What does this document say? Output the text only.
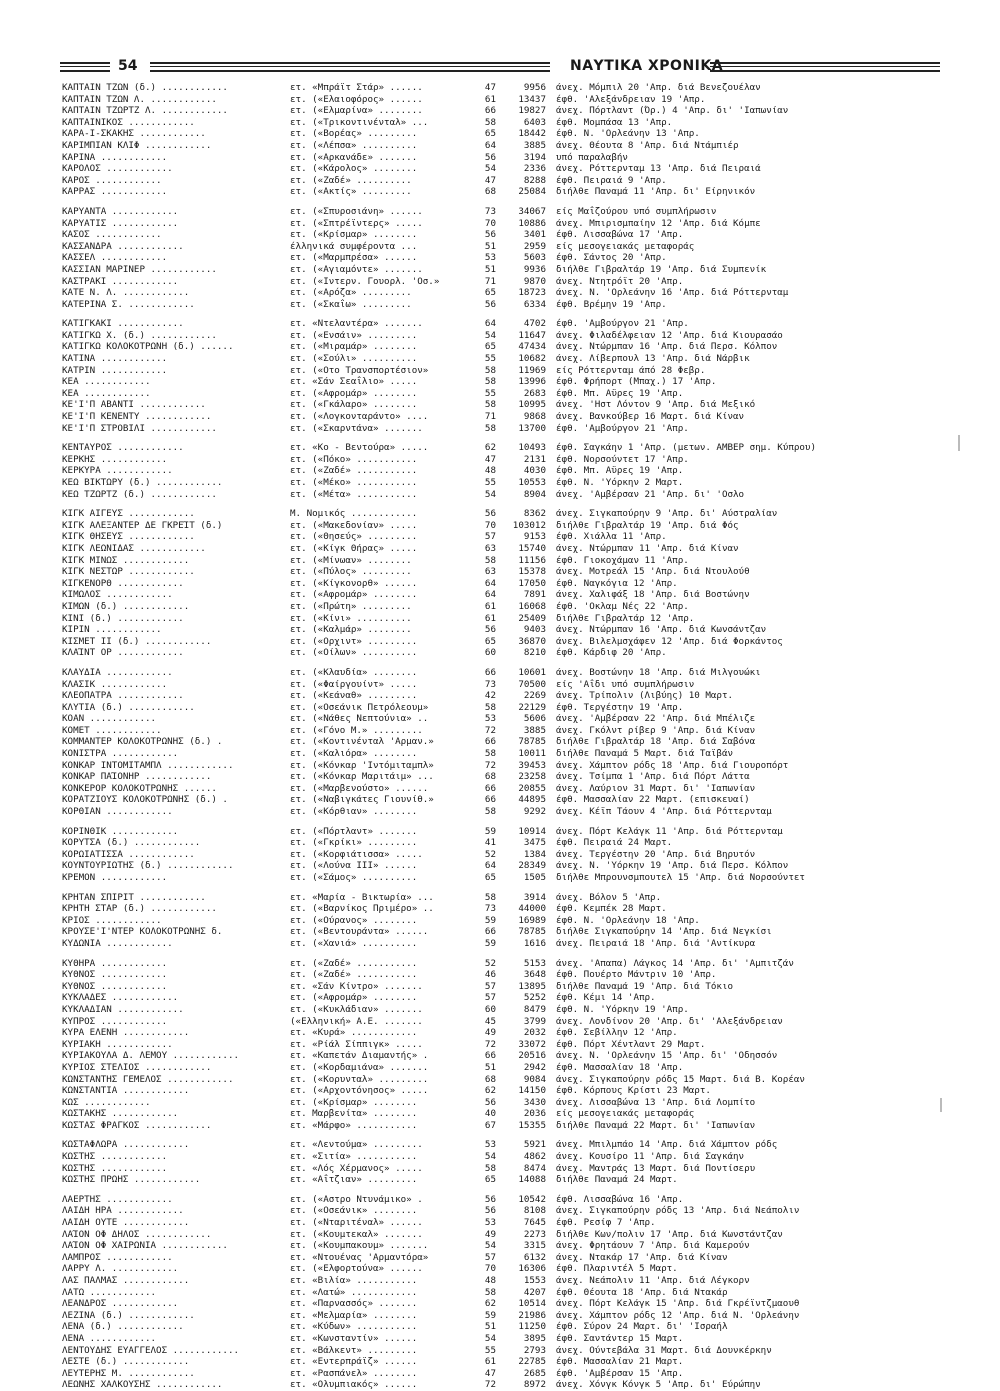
54	ΝΑΥΤΙΚΑ ΧΡΟΝΙΚΑ
ΚΑΠΤΑΙΝ ΤΖΩΝ (δ.) ............	ετ. «Μπράϊτ Στάρ» ......	47	9956 άνεχ. Μόμπιλ 20 'Απρ. διά Βενεζουέλαν
ΚΑΠΤΑΙΝ ΤΖΩΝ Λ. ............	ετ. («Ελαιοφόρος» ......	61	13437 έφθ. 'Αλεξάνδρειαν 19 'Απρ.
ΚΑΠΤΑΙΝ ΤΖΩΡΤΖ Λ. ............	ετ. («Ελμαρίνα» ........	66	19827 άνεχ. Πόρτλαντ (Όρ.) 4 'Απρ. δι' 'Ιαπωνίαν
ΚΑΠΤΑΙΝΙΚΟΣ ............	ετ. («Τρικοντινένταλ» ...	58	6403 έφθ. Μομπάσα 13 'Απρ.
ΚΑΡΑ-Ι-ΣΚΑΚΗΣ ............	ετ. («Βορέας» .........	65	18442 έφθ. Ν. 'Ορλεάνην 13 'Απρ.
ΚΑΡΙΜΠΙΑΝ ΚΛΙΦ ............	ετ. («Λέπσα» ..........	64	3885 άνεχ. Θέουτα 8 'Απρ. διά Ντάμπιέρ
ΚΑΡΙΝΑ ............	ετ. («Αρκανάδε» .......	56	3194 υπό παραλαβήν
ΚΑΡΟΛΟΣ ............	ετ. («Κάρολος» ........	54	2336 άνεχ. Ρόττερνταμ 13 'Απρ. διά Πειραιά
ΚΑΡΟΣ ............	ετ. («Ζαδέ» ..........	47	8288 έφθ. Πειραιά 9 'Απρ.
ΚΑΡΡΑΣ ............	ετ. («Ακτίς» .........	68	25084 διήλθε Παναμά 11 'Απρ. δι' Είρηνικόν
ΚΑΡΥΑΝΤΑ ............	ετ. («Σπυροσιάνη» ......	73	34067 είς Μαΐζούρου υπό συμπλήρωσιν
ΚΑΡΥΑΤΙΣ ............	ετ. («Σπτρέϊντερς» .....	70	10886 άνεχ. Μπιρισμπαίην 12 'Απρ. διά Κόμπε
ΚΑΣΟΣ ............	ετ. («Κρίσμαρ» ........	56	3401 έφθ. Λισσαβώνα 17 'Απρ.
ΚΑΣΣΑΝΔΡΑ ............	έλληνικά συμφέροντα ...	51	2959 είς μεσογειακάς μεταφοράς
ΚΑΣΣΕΛ ............	ετ. («Μαρμπρέσα» ......	53	5603 έφθ. Σάντος 20 'Απρ.
ΚΑΣΣΙΑΝ ΜΑΡΙΝΕΡ ............	ετ. («Αγιαμόντε» .......	51	9936 διήλθε Γιβραλτάρ 19 'Απρ. διά Συμπενίκ
ΚΑΣΤΡΑΚΙ ............	ετ. («Ιντερν. Γουορλ. 'Οσ.»	71	9870 άνεχ. Ντητρόϊτ 20 'Απρ.
ΚΑΤΕ Ν. Λ. ............	ετ. («Αρόζα» .........	65	18723 άνεχ. Ν. 'Ορλεάνην 16 'Απρ. διά Ρόττερνταμ
ΚΑΤΕΡΙΝΑ Σ. ............	ετ. («Σκαΐω» .........	56	6334 έφθ. Βρέμην 19 'Απρ.
ΚΑΤΙΓΚΑΚΙ ............	ετ. «Ντελαντέρα» .......	64	4702 έφθ. 'Αμβούργον 21 'Απρ.
ΚΑΤΙΓΚΩ Χ. (δ.) ............	ετ. («Ενσάιν» .........	54	11647 άνεχ. Φιλαδέλφειαν 12 'Απρ. διά Κιουρασάο
ΚΑΤΙΓΚΩ ΚΟΛΟΚΟΤΡΩΝΗ (δ.) ......	ετ. («Μιραμάρ» ........	65	47434 άνεχ. Ντώρμπαν 16 'Απρ. διά Περσ. Κόλπον
ΚΑΤΙΝΑ ............	ετ. («Σούλι» ..........	55	10682 άνεχ. Λίβερπουλ 13 'Απρ. διά Νάρβικ
ΚΑΤΡΙΝ ............	ετ. («Οτο Τρανσπορτέσιον»	58	11969 είς Ρόττερνταμ άπό 28 Φεβρ.
ΚΕΑ ............	ετ. «Σάν Σεαΐλιο» .....	58	13996 έφθ. Φρήπορτ (Μπαχ.) 17 'Απρ.
ΚΕΑ ............	ετ. («Αφρομάρ» ........	55	2683 έφθ. Μπ. Αϋρες 19 'Απρ.
ΚΕ'Ι'Π ΑΒΑΝΤΙ ............	ετ. («Γκάλαρο» ........	58	10995 άνεχ. 'Ηστ Λόντον 9 'Απρ. διά Μεξικό
ΚΕ'Ι'Π ΚΕΝΕΝΤΥ ............	ετ. («Λογκονταράντο» ....	71	9868 άνεχ. Βανκούβερ 16 Μαρτ. διά Κίναν
ΚΕ'Ι'Π ΣΤΡΟΒΙΛΙ ............	ετ. («Σκαρντάνα» .......	58	13700 έφθ. 'Αμβούργον 21 'Απρ.
ΚΕΝΤΑΥΡΟΣ ............	ετ. «Κο - Βεντούρα» .....	62	10493 έφθ. Σαγκάην 1 'Απρ. (μετων. ΑΜΒΕΡ σημ. Κύπρου)
ΚΕΡΚΗΣ ............	ετ. («Πόκο» ...........	47	2131 έφθ. Νορσούντετ 17 'Απρ.
ΚΕΡΚΥΡΑ ............	ετ. («Ζαδέ» ...........	48	4030 έφθ. Μπ. Αϋρες 19 'Απρ.
ΚΕΩ ΒΙΚΤΩΡΥ (δ.) ............	ετ. («Μέκο» ...........	55	10553 έφθ. Ν. 'Υόρκην 2 Μαρτ.
ΚΕΩ ΤΖΩΡΤΖ (δ.) ............	ετ. («Μέτα» ...........	54	8904 άνεχ. 'Αμβέρσαν 21 'Απρ. δι' 'Οσλο
ΚΙΓΚ ΑΙΓΕΥΣ ............	Μ. Νομικός ............	56	8362 άνεχ. Σιγκαπούρην 9 'Απρ. δι' Αύστραλίαν
ΚΙΓΚ ΑΛΕΞΑΝΤΕΡ ΔΕ ΓΚΡΕΊΤ (δ.)	ετ. («Μακεδονίαν» .....	70	103012 διήλθε Γιβραλτάρ 19 'Απρ. διά Φός
ΚΙΓΚ ΘΗΣΕΥΣ ............	ετ. («Θησεύς» .........	57	9153 έφθ. Χιάλλα 11 'Απρ.
ΚΙΓΚ ΛΕΩΝΙΔΑΣ ............	ετ. («Κίγκ Θήρας» .....	63	15740 άνεχ. Ντώρμπαν 11 'Απρ. διά Κίναν
ΚΙΓΚ ΜΙΝΩΣ ............	ετ. («Μίνωαν» ........	58	11156 έφθ. Γιοκοχάμαν 11 'Απρ.
ΚΙΓΚ ΝΕΣΤΩΡ ............	ετ. («Πύλος» .........	63	15378 άνεχ. Μοτρεάλ 15 'Απρ. διά Ντουλούθ
ΚΙΓΚΕΝΟΡΘ ............	ετ. («Κίγκονορθ» ......	64	17050 έφθ. Ναγκόγια 12 'Απρ.
ΚΙΜΩΛΟΣ ............	ετ. («Αφρομάρ» ........	64	7891 άνεχ. Χαλιφάξ 18 'Απρ. διά Βοστώνην
ΚΙΜΩΝ (δ.) ............	ετ. («Πρώτη» .........	61	16068 έφθ. 'Οκλαμ Νές 22 'Απρ.
ΚΙΝΙ (δ.) ............	ετ. («Κίνι» ..........	61	25409 διήλθε Γιβραλτάρ 12 'Απρ.
ΚΙΡΙΝ ............	ετ. («Καλμάρ» ........	56	9403 άνεχ. Ντώρμπαν 16 'Απρ. διά Κωνσάντζαν
ΚΙΣΜΕΤ ΙΙ (δ.) ............	ετ. («Ορχιντ» .........	65	36870 άνεχ. Βιλελμσχάφεν 12 'Απρ. διά Φορκάντος
ΚΛΑΊΝΤ ΟΡ ............	ετ. («Οίλων» ..........	60	8210 έφθ. Κάρδιφ 20 'Απρ.
ΚΛΑΥΔΙΑ ............	ετ. («Κλαυδία» ........	66	10601 άνεχ. Βοστώνην 18 'Απρ. διά Μιλγουώκι
ΚΛΑΣΙΚ ............	ετ. («Φαίργουίντ» .....	73	70500 είς 'Αΐδι υπό συμπλήρωσιν
ΚΛΕΟΠΑΤΡΑ ............	ετ. («Κεάναθ» .........	42	2269 άνεχ. Τρίπολιν (Λιβύης) 10 Μαρτ.
ΚΛΥΤΙΑ (δ.) ............	ετ. («Οσεάνικ Πετρόλεουμ»	58	22129 έφθ. Τεργέστην 19 'Απρ.
ΚΟΑΝ ............	ετ. («Νάθες Νεπτούνια» ..	53	5606 άνεχ. 'Αμβέρσαν 22 'Απρ. διά Μπέλιζε
ΚΟΜΕΤ ............	ετ. («Γόνο Μ.» .........	72	3885 άνεχ. Γκόλντ ρίβερ 9 'Απρ. διά Κίναν
ΚΟΜΜΑΝΤΕΡ ΚΟΛΟΚΟΤΡΩΝΗΣ (δ.) .	ετ. («Κοντινένταλ 'Αρμαν.»	66	78785 διήλθε Γιβραλτάρ 18 'Απρ. διά Σαβόνα
ΚΟΝΙΣΤΡΑ ............	ετ. («Καλιόρα» ........	58	10011 διήλθε Παναμά 5 Μαρτ. διά Ταϊβάν
ΚΟΝΚΑΡ ΙΝΤΟΜΙΤΑΜΠΛ ............	ετ. («Κόνκαρ 'Ιντόμιταμπλ»	72	39453 άνεχ. Χάμπτον ρόδς 18 'Απρ. διά Γιουροπόρτ
ΚΟΝΚΑΡ ΠΑΊΟΝΗΡ ............	ετ. («Κόνκαρ Μαριτάιμ» ...	68	23258 άνεχ. Τσίμπα 1 'Απρ. διά Πόρτ Λάττα
ΚΟΝΚΕΡΟΡ ΚΟΛΟΚΟΤΡΩΝΗΣ ......	ετ. («Μαρβενούστο» ......	66	20855 άνεχ. Λαύριον 31 Μαρτ. δι' 'Ιαπωνίαν
ΚΟΡΑΤΖΙΟΥΣ ΚΟΛΟΚΟΤΡΩΝΗΣ (δ.) .	ετ. («Ναβιγκάτες Γιουνίθ.»	66	44895 έφθ. Μασσαλίαν 22 Μαρτ. (επισκευαί)
ΚΟΡΘΙΑΝ ............	ετ. («Κόρθιαν» ........	58	9292 άνεχ. Κέϊπ Τάουν 4 'Απρ. διά Ρόττερνταμ
ΚΟΡΙΝΘΙΚ ............	ετ. («Πόρτλαντ» .......	59	10914 άνεχ. Πόρτ Κελάγκ 11 'Απρ. διά Ρόττερνταμ
ΚΟΡΥΤΣΑ (δ.) ............	ετ. («Γκρίκι» .........	41	3475 έφθ. Πειραιά 24 Μαρτ.
ΚΟΡΩΙΑΤΙΣΣΑ ............	ετ. («Κορφιάτισσα» .....	52	1384 άνεχ. Τεργέστην 20 'Απρ. διά Βηρυτόν
ΚΟΥΝΤΟΥΡΙΩΤΗΣ (δ.) ............	ετ. («Λούνα ΙΙΙ» ......	64	28349 άνεχ. Ν. 'Υόρκην 19 'Απρ. διά Περσ. Κόλπον
ΚΡΕΜΟΝ ............	ετ. («Σάμος» ..........	65	1505 διήλθε Μπρουνσμπουτελ 15 'Απρ. διά Νορσούντετ
ΚΡΗΤΑΝ ΣΠΙΡΙΤ ............	ετ. «Μαρία - Βικτωρία» ...	58	3914 άνεχ. Βόλον 5 'Απρ.
ΚΡΗΤΗ ΣΤΑΡ (δ.) ............	ετ. («Βαρνίκος Πριμέρο» ..	73	44000 έφθ. Κεμπέκ 28 Μαρτ.
ΚΡΙΟΣ ............	ετ. («Ούρανος» ........	59	16989 έφθ. Ν. 'Ορλεάνην 18 'Απρ.
ΚΡΟΥΣΕ'Ι'ΝΤΕΡ ΚΟΛΟΚΟΤΡΩΝΗΣ δ.	ετ. («Βεντουράντα» ......	66	78785 διήλθε Σιγκαπούρην 14 'Απρ. διά Νεγκίσι
ΚΥΔΩΝΙΑ ............	ετ. («Χανιά» ..........	59	1616 άνεχ. Πειραιά 18 'Απρ. διά 'Αντίκυρα
ΚΥΘΗΡΑ ............	ετ. («Ζαδέ» ...........	52	5153 άνεχ. 'Απαπα) Λάγκος 14 'Απρ. δι' 'Αμπιτζάν
ΚΥΘΝΟΣ ............	ετ. («Ζαδέ» ...........	46	3648 έφθ. Πουέρτο Μάντριν 10 'Απρ.
ΚΥΘΝΟΣ ............	ετ. «Σάν Κίντρο» .......	57	13895 διήλθε Παναμά 19 'Απρ. διά Τόκιο
ΚΥΚΛΑΔΕΣ ............	ετ. («Αφρομάρ» ........	57	5252 έφθ. Κέμι 14 'Απρ.
ΚΥΚΛΑΔΙΑΝ ............	ετ. («Κυκλάδιαν» .......	60	8479 έφθ. Ν. 'Υόρκην 19 'Απρ.
ΚΥΠΡΟΣ ............	(«Ελληνική» Α.Ε. .......	45	3799 άνεχ. Λονδίνον 20 'Απρ. δι' 'Αλεξάνδρειαν
ΚΥΡΑ ΕΛΕΝΗ ............	ετ. «Κυρά» ............	49	2032 έφθ. Σεβίλλην 12 'Απρ.
ΚΥΡΙΑΚΗ ............	ετ. «Ρίάλ Σίππιγκ» .....	72	33072 έφθ. Πόρτ Χέντλαντ 29 Μαρτ.
ΚΥΡΙΑΚΟΥΛΑ Δ. ΛΕΜΟΥ ............	ετ. «Καπετάν Διαμαντής» .	66	20516 άνεχ. Ν. 'Ορλεάνην 15 'Απρ. δι' 'Οδησσόν
ΚΥΡΙΟΣ ΣΤΕΛΙΟΣ ............	ετ. («Κορδαμιάνα» .......	51	2942 έφθ. Μασσαλίαν 18 'Απρ.
ΚΩΝΣΤΑΝΤΗΣ ΓΕΜΕΛΟΣ ............	ετ. («Κορυνταλ» .........	68	9084 άνεχ. Σιγκαπούρην ρόδς 15 Μαρτ. διά Β. Κορέαν
ΚΩΝΣΤΑΝΤΙΑ ............	ετ. («Αρχοντόνησος» .....	62	14150 έφθ. Κόρπους Κρίστι 23 Μαρτ.
ΚΩΣ ............	ετ. («Κρίσμαρ» ........	56	3430 άνεχ. Λισσαβώνα 13 'Απρ. διά Λομπίτο
ΚΩΣΤΑΚΗΣ ............	ετ. Μαρβενίτα» ........	40	2036 είς μεσογειακάς μεταφοράς
ΚΩΣΤΑΣ ΦΡΑΓΚΟΣ ............	ετ. «Μάρφο» ...........	67	15355 διήλθε Παναμά 22 Μαρτ. δι' 'Ιαπωνίαν
ΚΩΣΤΑΦΛΩΡΑ ............	ετ. «Λεντούμα» .........	53	5921 άνεχ. Μπιλμπάο 14 'Απρ. διά Χάμπτον ρόδς
ΚΩΣΤΗΣ ............	ετ. «Σιτία» ...........	54	4862 άνεχ. Κουσίρο 11 'Απρ. διά Σαγκάην
ΚΩΣΤΗΣ ............	ετ. «Λός Χέρμανος» .....	58	8474 άνεχ. Μαντράς 13 Μαρτ. διά Ποντίσερυ
ΚΩΣΤΗΣ ΠΡΩΗΣ ............	ετ. «Αΐτζιαν» .........	65	14088 διήλθε Παναμά 24 Μαρτ.
ΛΑΕΡΤΗΣ ............	ετ. («Αστρο Ντυνάμικο» .	56	10542 έφθ. Λισσαβώνα 16 'Απρ.
ΛΑΙΔΗ ΗΡΑ ............	ετ. («Οσεάνικ» ........	56	8108 άνεχ. Σιγκαπούρην ρόδς 13 'Απρ. διά Νεάπολιν
ΛΑΙΔΗ ΟΥΤΕ ............	ετ. («Νταριτέναλ» ......	53	7645 έφθ. Ρεσίφ 7 'Απρ.
ΛΑΊΟΝ ΟΦ ΔΗΛΟΣ ............	ετ. («Κουμτεκαλ» .......	49	2273 διήλθε Κων/πολιν 17 'Απρ. διά Κωνστάντζαν
ΛΑΊΟΝ ΟΦ ΧΑΙΡΩΝΙΑ ............	ετ. («Κουμπακουμ» .......	54	3315 άνεχ. Φρητάουν 7 'Απρ. διά Καμερούν
ΛΑΜΠΡΟΣ ............	ετ. «Ντουένας 'Αρμαντόρα»	57	6132 άνεχ. Ντακάρ 17 'Απρ. διά Κίναν
ΛΑΡΡΥ Λ. ............	ετ. («Ελφορτούνα» ......	70	16306 έφθ. Πλαριντέλ 5 Μαρτ.
ΛΑΣ ΠΑΛΜΑΣ ............	ετ. «Βιλία» ...........	48	1553 άνεχ. Νεάπολιν 11 'Απρ. διά Λέγκορν
ΛΑΤΩ ............	ετ. «Λατώ» ............	58	4207 έφθ. Θέουτα 18 'Απρ. διά Ντακάρ
ΛΕΑΝΔΡΟΣ ............	ετ. «Παρνασσός» .......	62	10514 άνεχ. Πόρτ Κελάγκ 15 'Απρ. διά Γκρέϊντζμαουθ
ΛΕΖΙΝΑ (δ.) ............	ετ. «Μελμαρία» ........	59	21986 άνεχ. Χάμπτον ρόδς 12 'Απρ. διά Ν. 'Ορλεάνην
ΛΕΝΑ (δ.) ............	ετ. «Κύδων» ...........	51	11250 έφθ. Σύρον 24 Μαρτ. δι' 'Ισραήλ
ΛΕΝΑ ............	ετ. «Κωνσταντίν» ......	54	3895 έφθ. Σαντάντερ 15 Μαρτ.
ΛΕΝΤΟΥΔΗΣ ΕΥΑΓΓΕΛΟΣ ............	ετ. «Βάλκεντ» .........	55	2793 άνεχ. Ούντεβάλα 31 Μαρτ. διά Δουνκέρκην
ΛΕΣΤΕ (δ.) ............	ετ. «Εντερπράϊζ» ......	61	22785 έφθ. Μασσαλίαν 21 Μαρτ.
ΛΕΥΤΕΡΗΣ Μ. ............	ετ. «Ρασπάνελ» ........	47	2685 έφθ. 'Αμβέρσαν 15 'Απρ.
ΛΕΩΝΗΣ ΧΑΛΚΟΥΣΗΣ ............	ετ. «Ολυμπιακός» ......	72	8972 άνεχ. Χόνγκ Κόνγκ 5 'Απρ. δι' Εύρώπην
